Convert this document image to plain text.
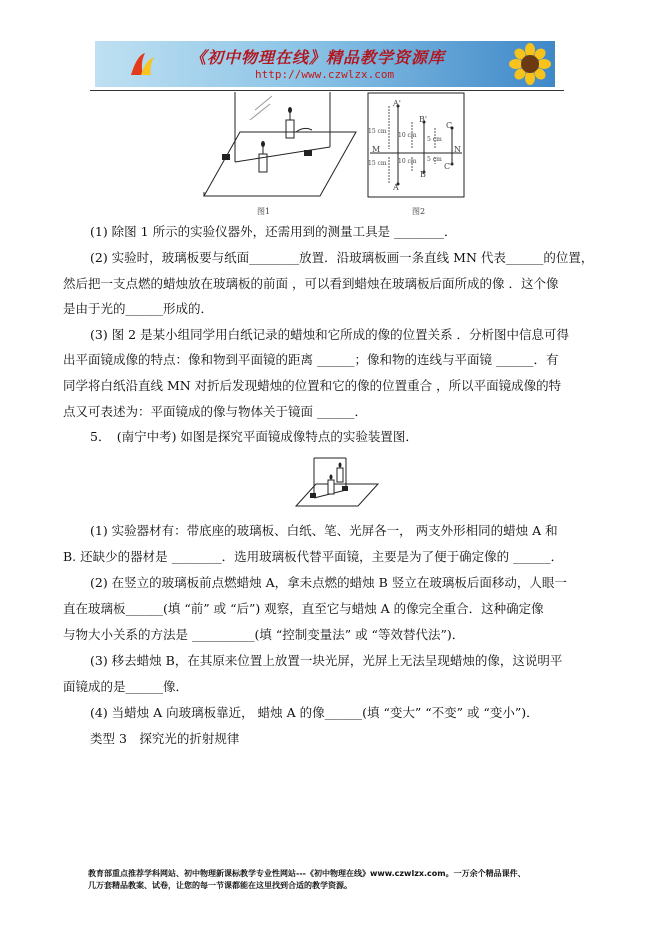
《初中物理在线》精品教学资源库
http://www.czwlzx.com
图1
A'
B'
C
M	N
A
B
C'
15 cm
10 cm
5 cm
15 cm 10 cm 5 cm
图2
(1) 除图 1 所示的实验仪器外，还需用到的测量工具是 ________．
(2) 实验时，玻璃板要与纸面________放置．沿玻璃板画一条直线 MN 代表______的位置，
然后把一支点燃的蜡烛放在玻璃板的前面 ，可以看到蜡烛在玻璃板后面所成的像 ．这个像
是由于光的______形成的．
(3) 图 2 是某小组同学用白纸记录的蜡烛和它所成的像的位置关系 ．分析图中信息可得
出平面镜成像的特点：像和物到平面镜的距离 ______；像和物的连线与平面镜 ______．有
同学将白纸沿直线 MN 对折后发现蜡烛的位置和它的像的位置重合 ，所以平面镜成像的特
点又可表述为：平面镜成的像与物体关于镜面 ______．
5．　(南宁中考) 如图是探究平面镜成像特点的实验装置图．
(1) 实验器材有：带底座的玻璃板、白纸、笔、光屏各一， 两支外形相同的蜡烛 A 和
B. 还缺少的器材是 ________．选用玻璃板代替平面镜，主要是为了便于确定像的 ______．
(2) 在竖立的玻璃板前点燃蜡烛 A，拿未点燃的蜡烛 B 竖立在玻璃板后面移动，人眼一
直在玻璃板______(填 “前” 或 “后”) 观察，直至它与蜡烛 A 的像完全重合．这种确定像
与物大小关系的方法是 __________(填 “控制变量法” 或 “等效替代法”)．
(3) 移去蜡烛 B，在其原来位置上放置一块光屏，光屏上无法呈现蜡烛的像，这说明平
面镜成的是______像．
(4) 当蜡烛 A 向玻璃板靠近， 蜡烛 A 的像______(填 “变大” “不变” 或 “变小”)．
类型 3　探究光的折射规律
教育部重点推荐学科网站、初中物理新课标教学专业性网站---《初中物理在线》www.czwlzx.com。一万余个精品课件、
几万套精品教案、试卷，让您的每一节课都能在这里找到合适的教学资源。
